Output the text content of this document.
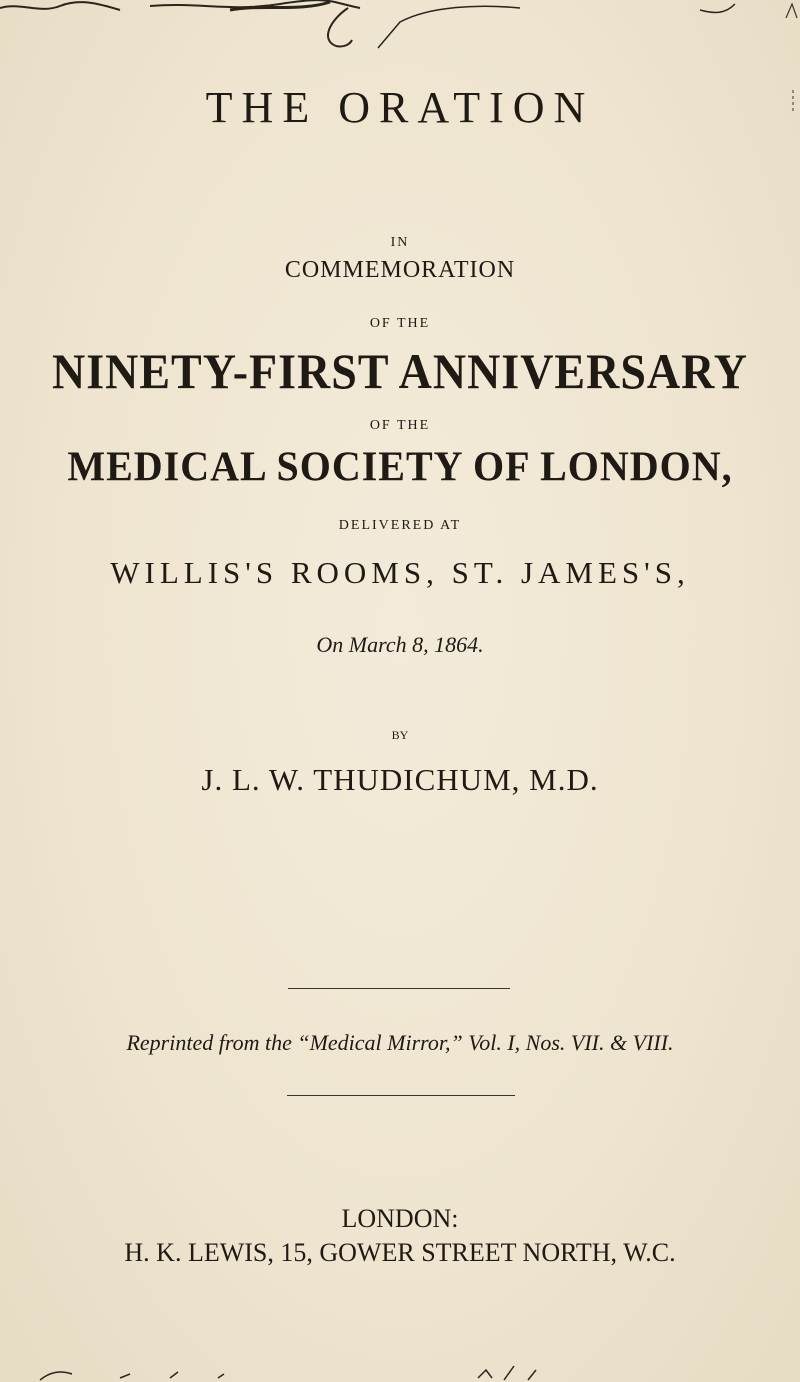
THE ORATION
IN
COMMEMORATION
OF THE
NINETY-FIRST ANNIVERSARY
OF THE
MEDICAL SOCIETY OF LONDON,
DELIVERED AT
WILLIS'S ROOMS, ST. JAMES'S,
On March 8, 1864.
BY
J. L. W. THUDICHUM, M.D.
Reprinted from the “Medical Mirror,” Vol. I, Nos. VII. & VIII.
LONDON:
H. K. LEWIS, 15, GOWER STREET NORTH, W.C.
